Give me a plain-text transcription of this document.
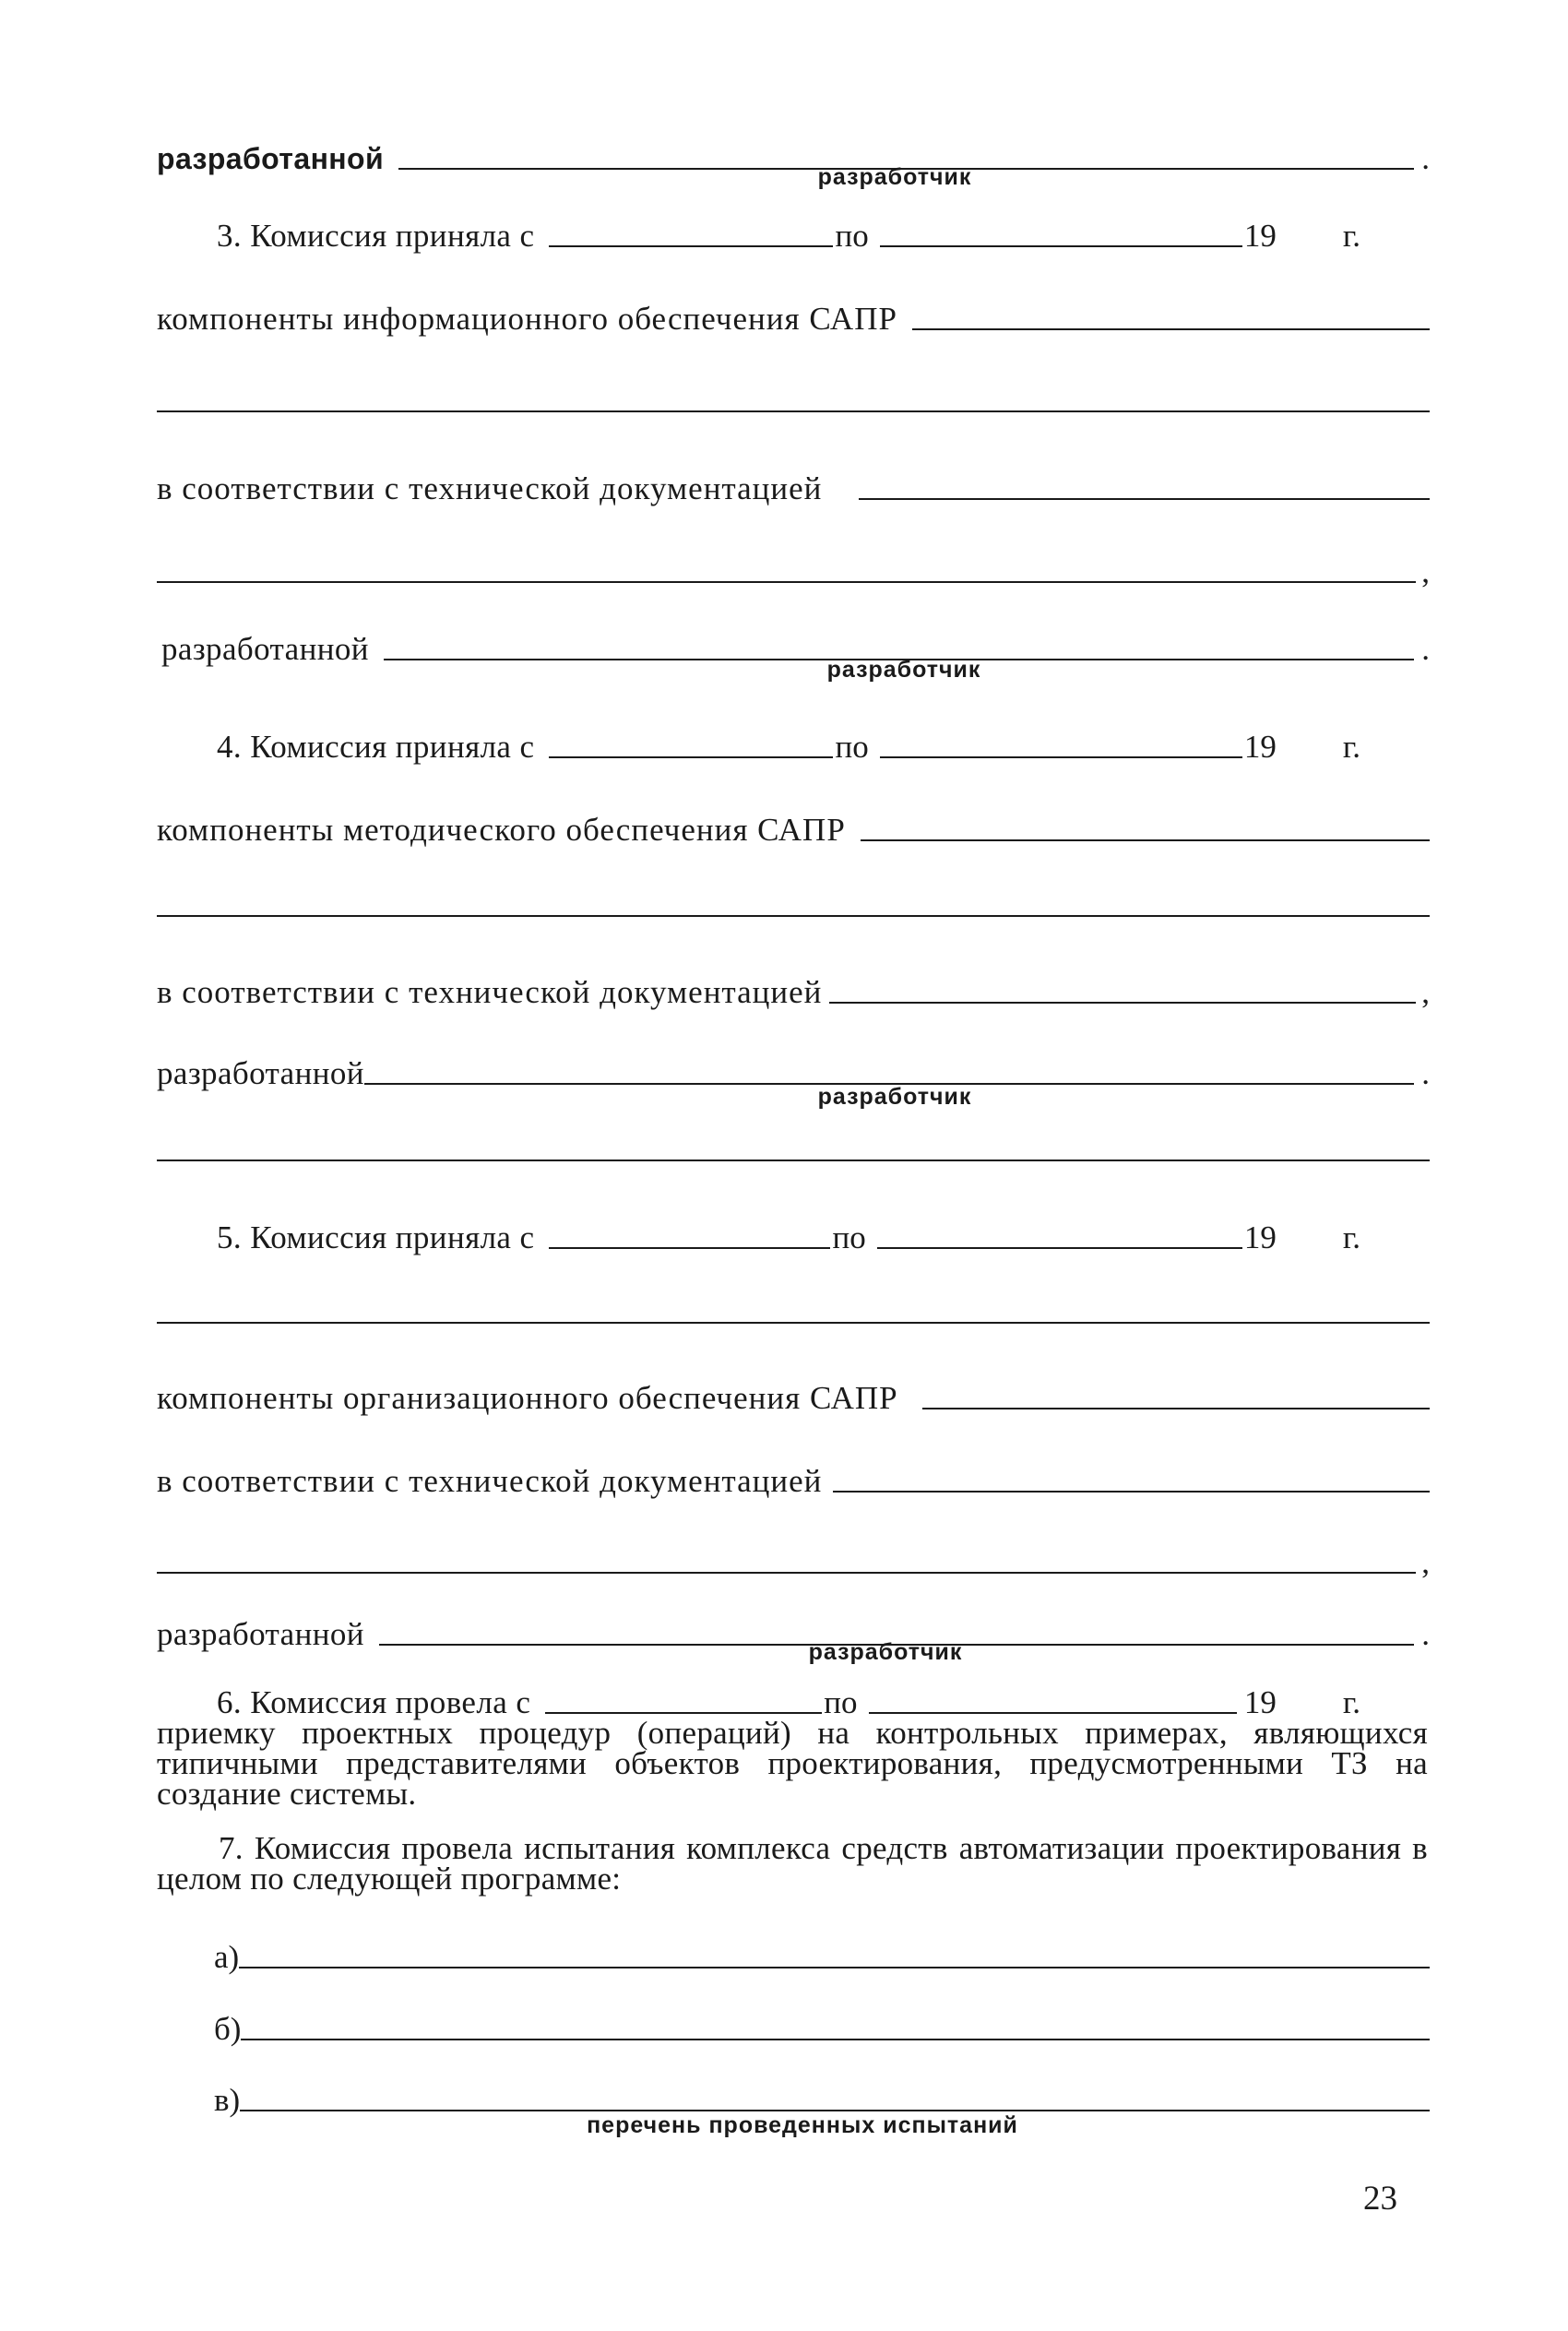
разработанной	.
разработчик
3. Комиссия приняла с	по	19	г.
компоненты информационного обеспечения САПР
в соответствии с технической документацией
,
разработанной	.
разработчик
4. Комиссия приняла с	по	19	г.
компоненты методического обеспечения САПР
в соответствии с технической документацией	,
разработанной	.
разработчик
5. Комиссия приняла с	по	19	г.
компоненты организационного обеспечения САПР
в соответствии с технической документацией
,
разработанной	.
разработчик
6. Комиссия провела с	по	19	г.
приемку проектных процедур (операций) на контрольных примерах, являющихся типичными представителями объектов проектирования, предусмотренными ТЗ на создание системы.
7. Комиссия провела испытания комплекса средств автоматизации проектирования в целом по следующей программе:
а)
б)
в)
перечень проведенных испытаний
23
